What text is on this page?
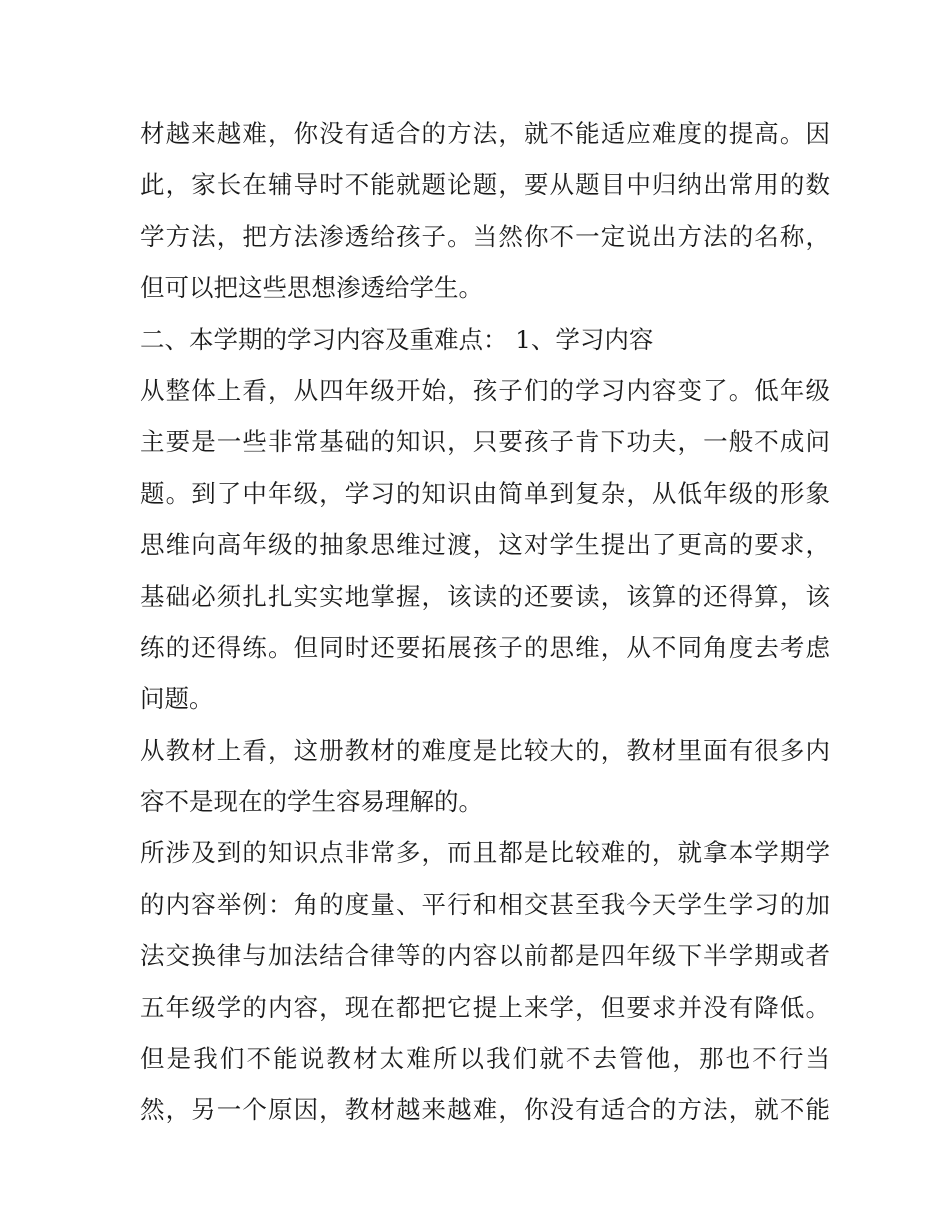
材越来越难，你没有适合的方法，就不能适应难度的提高。因
此，家长在辅导时不能就题论题，要从题目中归纳出常用的数
学方法，把方法渗透给孩子。当然你不一定说出方法的名称，
但可以把这些思想渗透给学生。
二、本学期的学习内容及重难点： 1、学习内容
从整体上看，从四年级开始，孩子们的学习内容变了。低年级
主要是一些非常基础的知识，只要孩子肯下功夫，一般不成问
题。到了中年级，学习的知识由简单到复杂，从低年级的形象
思维向高年级的抽象思维过渡，这对学生提出了更高的要求，
基础必须扎扎实实地掌握，该读的还要读，该算的还得算，该
练的还得练。但同时还要拓展孩子的思维，从不同角度去考虑
问题。
从教材上看，这册教材的难度是比较大的，教材里面有很多内
容不是现在的学生容易理解的。
所涉及到的知识点非常多，而且都是比较难的，就拿本学期学
的内容举例：角的度量、平行和相交甚至我今天学生学习的加
法交换律与加法结合律等的内容以前都是四年级下半学期或者
五年级学的内容，现在都把它提上来学，但要求并没有降低。
但是我们不能说教材太难所以我们就不去管他，那也不行当
然，另一个原因，教材越来越难，你没有适合的方法，就不能
